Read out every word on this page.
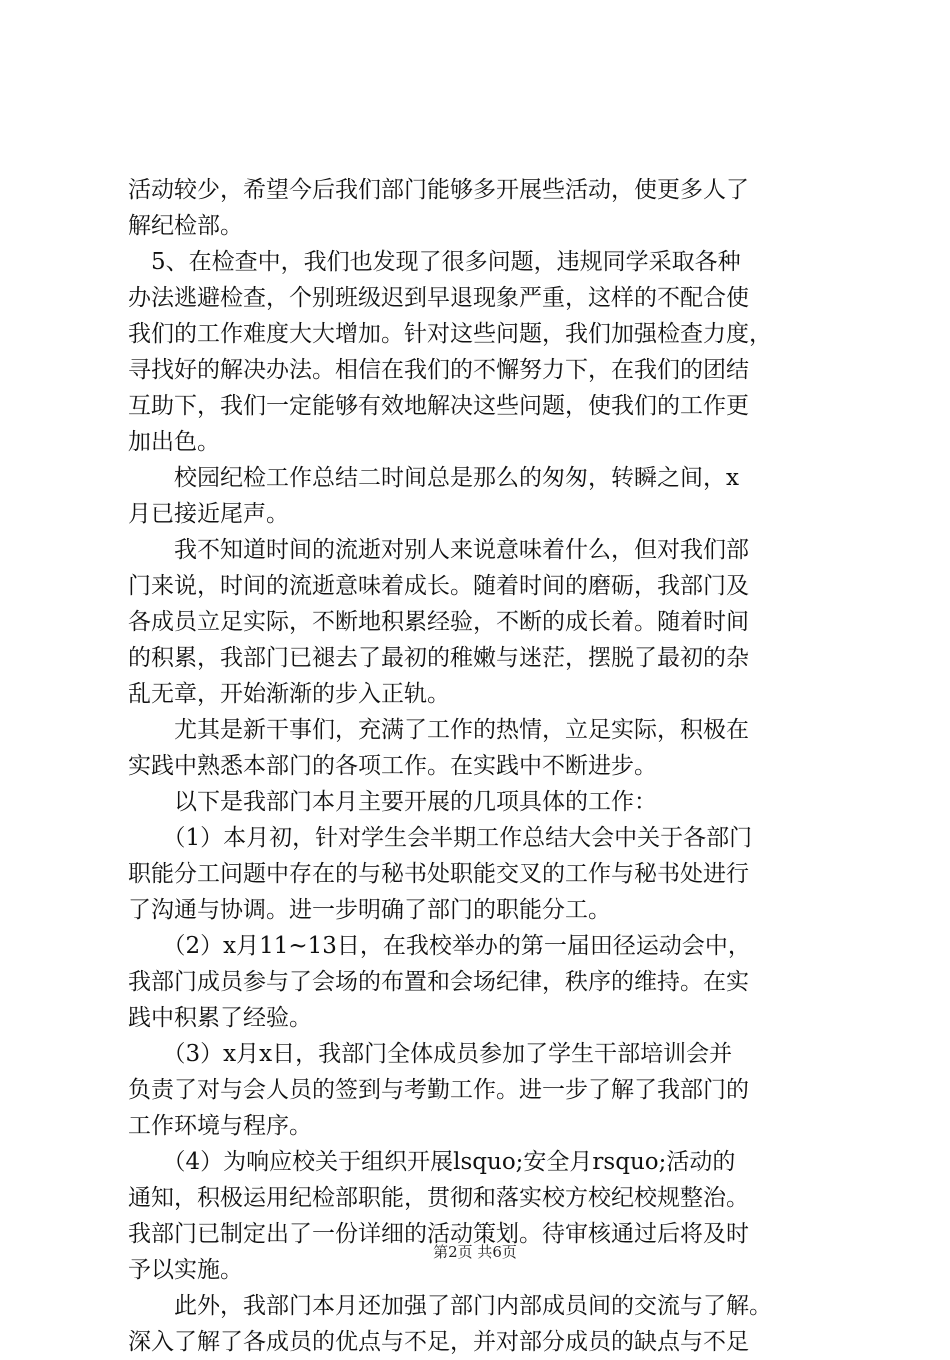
活动较少，希望今后我们部门能够多开展些活动，使更多人了
解纪检部。
　5、在检查中，我们也发现了很多问题，违规同学采取各种
办法逃避检查，个别班级迟到早退现象严重，这样的不配合使
我们的工作难度大大增加。针对这些问题，我们加强检查力度，
寻找好的解决办法。相信在我们的不懈努力下，在我们的团结
互助下，我们一定能够有效地解决这些问题，使我们的工作更
加出色。
　　校园纪检工作总结二时间总是那么的匆匆，转瞬之间，x
月已接近尾声。
　　我不知道时间的流逝对别人来说意味着什么，但对我们部
门来说，时间的流逝意味着成长。随着时间的磨砺，我部门及
各成员立足实际，不断地积累经验，不断的成长着。随着时间
的积累，我部门已褪去了最初的稚嫩与迷茫，摆脱了最初的杂
乱无章，开始渐渐的步入正轨。
　　尤其是新干事们，充满了工作的热情，立足实际，积极在
实践中熟悉本部门的各项工作。在实践中不断进步。
　　以下是我部门本月主要开展的几项具体的工作：
　　（1）本月初，针对学生会半期工作总结大会中关于各部门
职能分工问题中存在的与秘书处职能交叉的工作与秘书处进行
了沟通与协调。进一步明确了部门的职能分工。
　　（2）x月11~13日，在我校举办的第一届田径运动会中，
我部门成员参与了会场的布置和会场纪律，秩序的维持。在实
践中积累了经验。
　　（3）x月x日，我部门全体成员参加了学生干部培训会并
负责了对与会人员的签到与考勤工作。进一步了解了我部门的
工作环境与程序。
　　（4）为响应校关于组织开展lsquo;安全月rsquo;活动的
通知，积极运用纪检部职能，贯彻和落实校方校纪校规整治。
我部门已制定出了一份详细的活动策划。待审核通过后将及时
予以实施。
　　此外，我部门本月还加强了部门内部成员间的交流与了解。
深入了解了各成员的优点与不足，并对部分成员的缺点与不足
第2页 共6页
